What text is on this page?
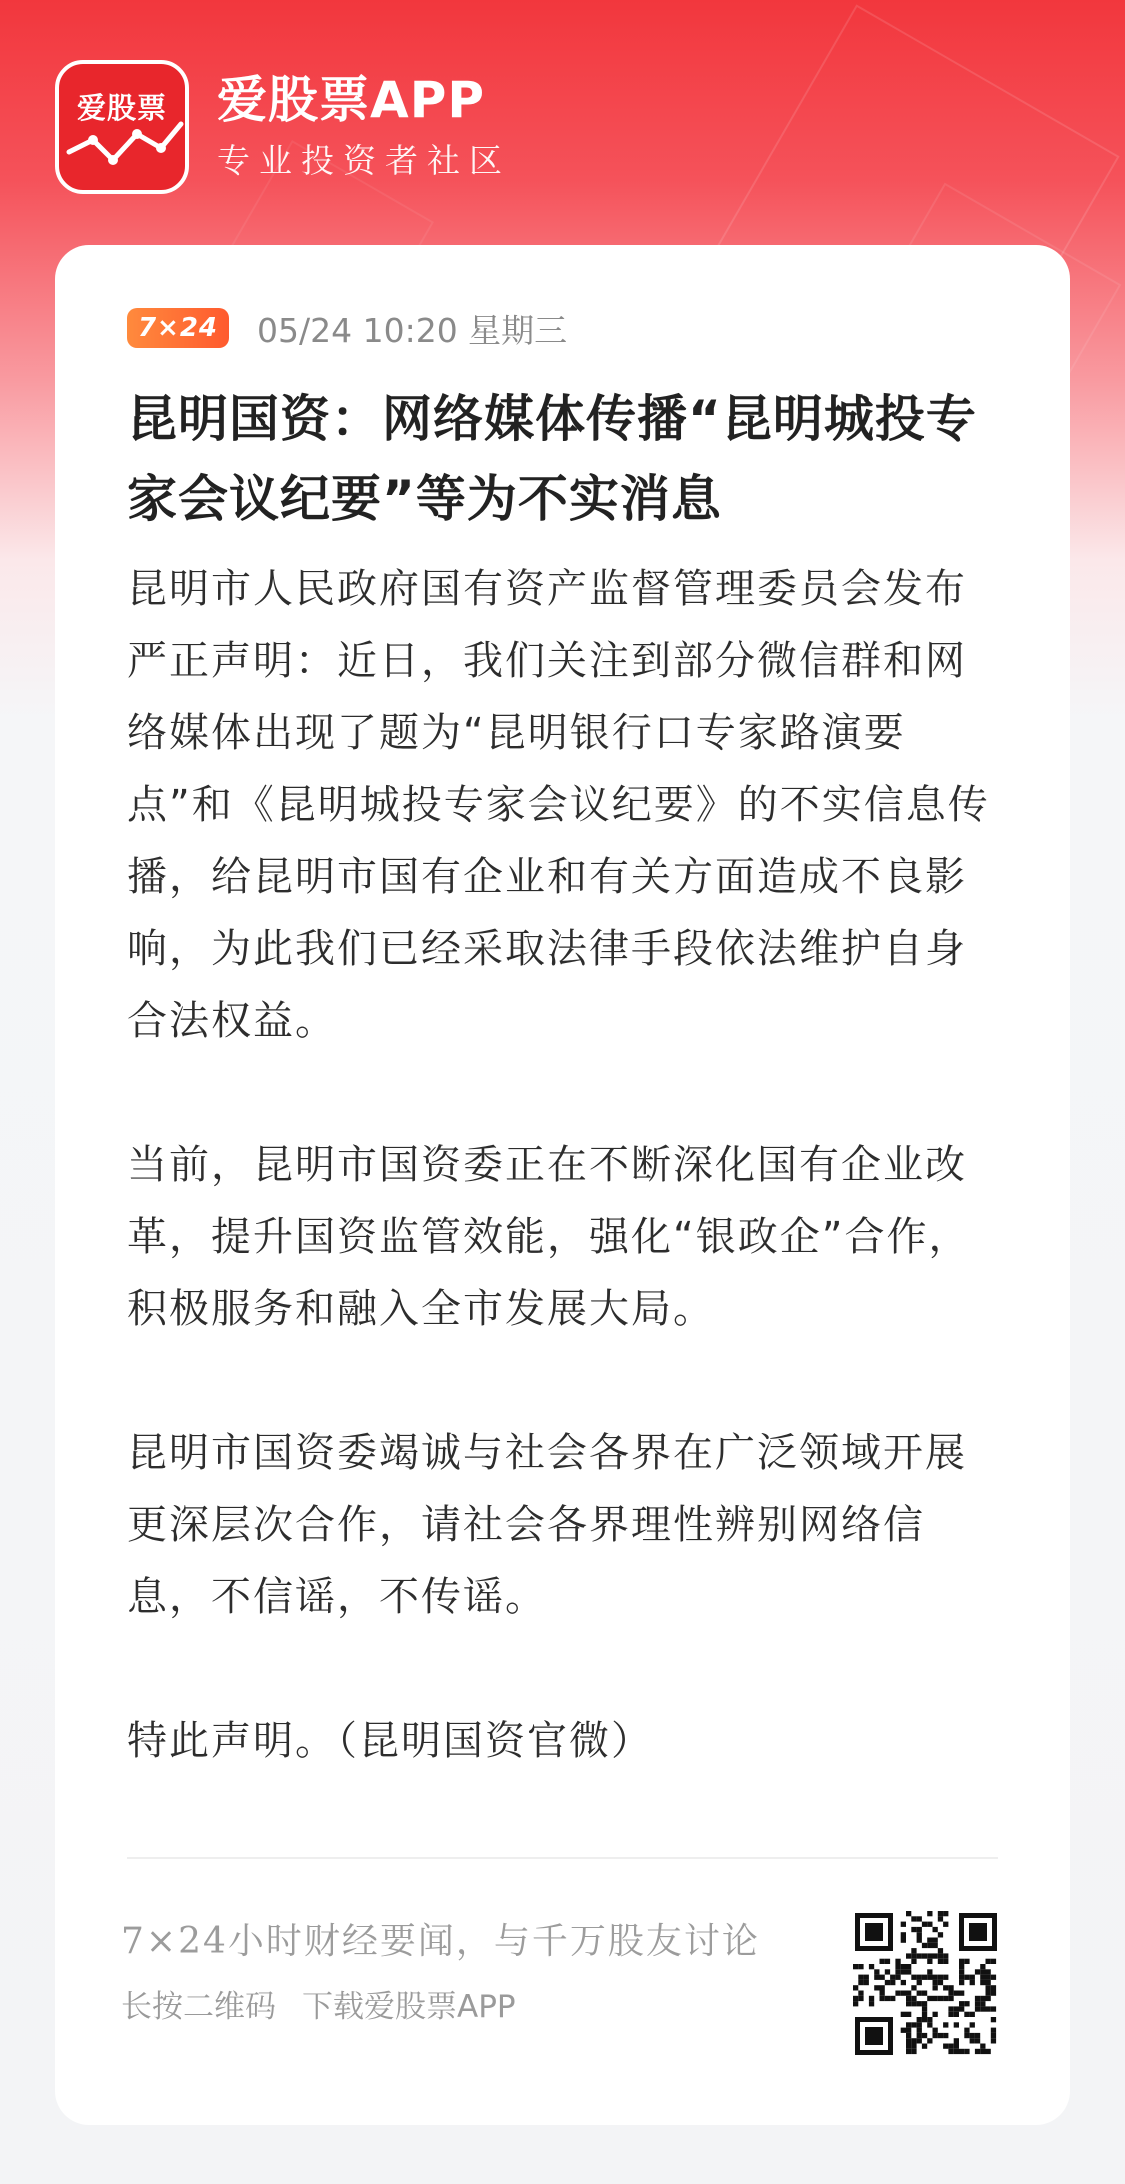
爱股票	爱股票APP
专业投资者社区
7×24	05/24 10:20 星期三
昆明国资：网络媒体传播“昆明城投专家会议纪要”等为不实消息

昆明市人民政府国有资产监督管理委员会发布严正声明：近日，我们关注到部分微信群和网络媒体出现了题为“昆明银行口专家路演要点”和《昆明城投专家会议纪要》的不实信息传播，给昆明市国有企业和有关方面造成不良影响，为此我们已经采取法律手段依法维护自身合法权益。

当前，昆明市国资委正在不断深化国有企业改革，提升国资监管效能，强化“银政企”合作，积极服务和融入全市发展大局。

昆明市国资委竭诚与社会各界在广泛领域开展更深层次合作，请社会各界理性辨别网络信息，不信谣，不传谣。

特此声明。（昆明国资官微）

7×24小时财经要闻，与千万股友讨论
长按二维码 下载爱股票APP
